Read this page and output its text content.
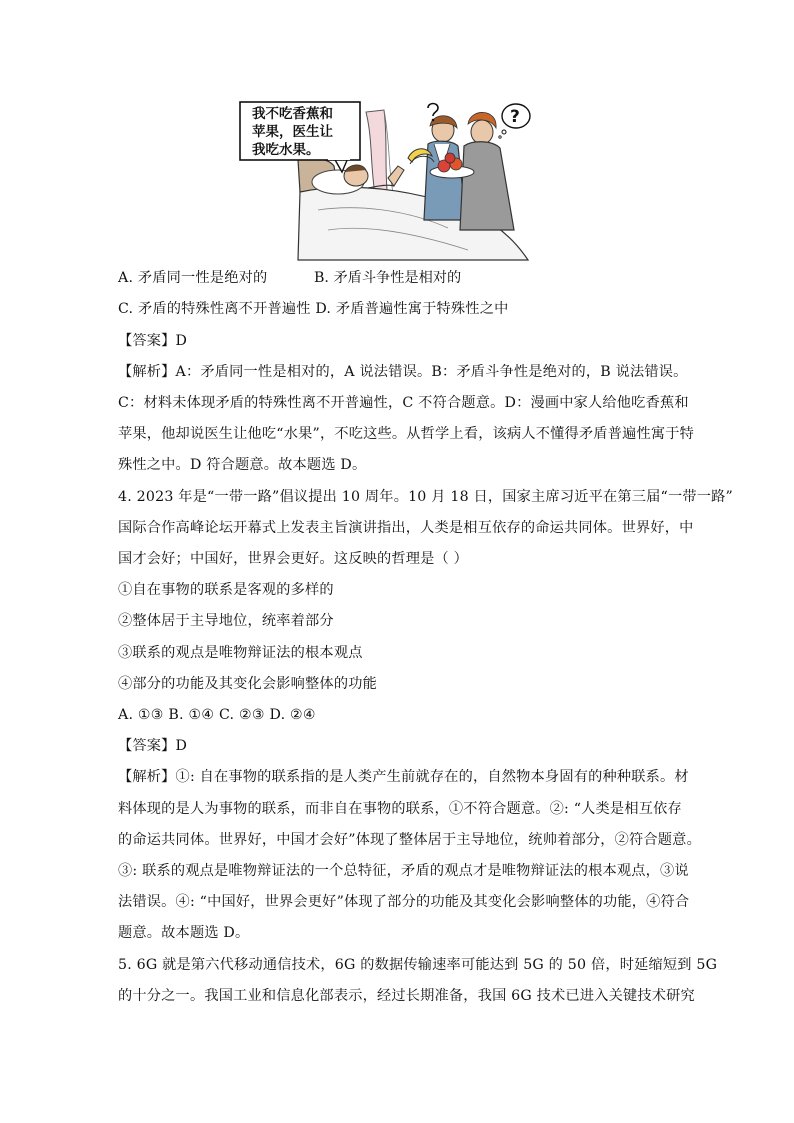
我不吃香蕉和
苹果，医生让
我吃水果。
?
A. 矛盾同一性是绝对的	B. 矛盾斗争性是相对的
C. 矛盾的特殊性离不开普遍性 D. 矛盾普遍性寓于特殊性之中
【答案】D
【解析】A：矛盾同一性是相对的，A 说法错误。B：矛盾斗争性是绝对的，B 说法错误。
C：材料未体现矛盾的特殊性离不开普遍性，C 不符合题意。D：漫画中家人给他吃香蕉和
苹果，他却说医生让他吃“水果”，不吃这些。从哲学上看，该病人不懂得矛盾普遍性寓于特
殊性之中。D 符合题意。故本题选 D。
4. 2023 年是“一带一路”倡议提出 10 周年。10 月 18 日，国家主席习近平在第三届“一带一路”
国际合作高峰论坛开幕式上发表主旨演讲指出，人类是相互依存的命运共同体。世界好，中
国才会好；中国好，世界会更好。这反映的哲理是（ ）
①自在事物的联系是客观的多样的
②整体居于主导地位，统率着部分
③联系的观点是唯物辩证法的根本观点
④部分的功能及其变化会影响整体的功能
A. ①③ B. ①④ C. ②③ D. ②④
【答案】D
【解析】①: 自在事物的联系指的是人类产生前就存在的，自然物本身固有的种种联系。材
料体现的是人为事物的联系，而非自在事物的联系，①不符合题意。②: “人类是相互依存
的命运共同体。世界好，中国才会好”体现了整体居于主导地位，统帅着部分，②符合题意。
③: 联系的观点是唯物辩证法的一个总特征，矛盾的观点才是唯物辩证法的根本观点，③说
法错误。④: “中国好，世界会更好”体现了部分的功能及其变化会影响整体的功能，④符合
题意。故本题选 D。
5. 6G 就是第六代移动通信技术，6G 的数据传输速率可能达到 5G 的 50 倍，时延缩短到 5G
的十分之一。我国工业和信息化部表示，经过长期准备，我国 6G 技术已进入关键技术研究
